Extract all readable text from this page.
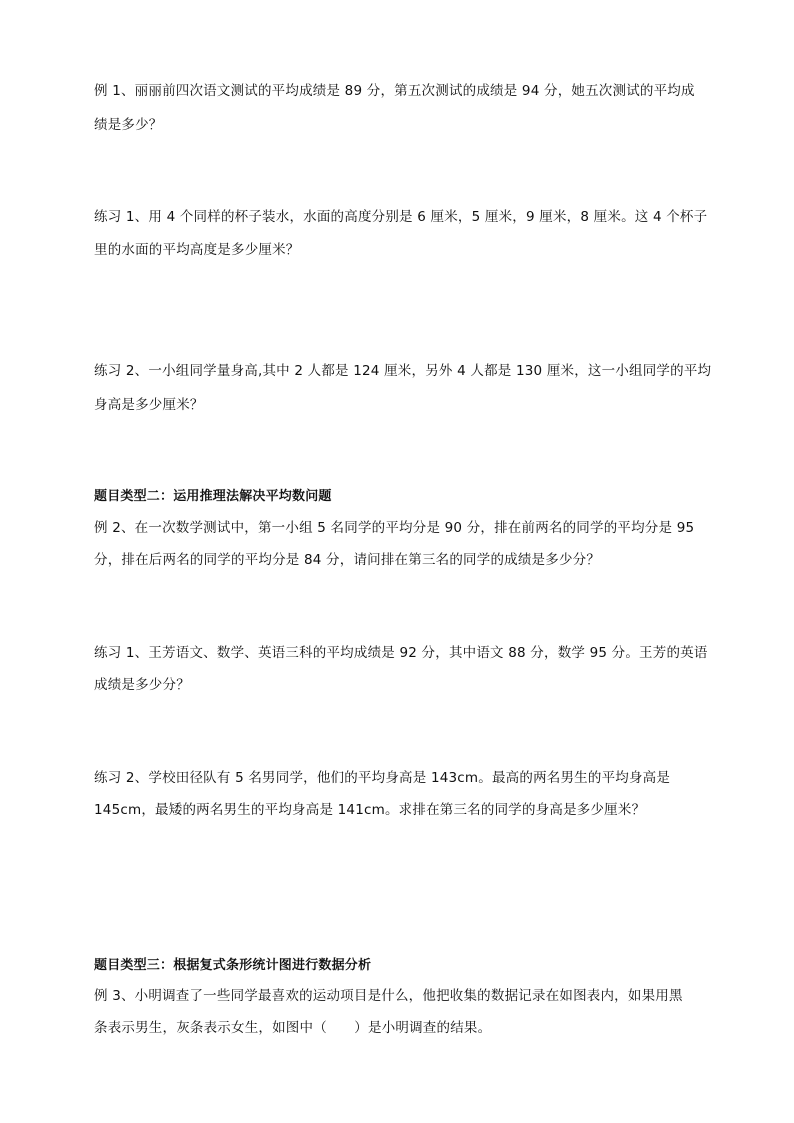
例 1、丽丽前四次语文测试的平均成绩是 89 分，第五次测试的成绩是 94 分，她五次测试的平均成
绩是多少？
练习 1、用 4 个同样的杯子装水，水面的高度分别是 6 厘米，5 厘米，9 厘米，8 厘米。这 4 个杯子
里的水面的平均高度是多少厘米？
练习 2、一小组同学量身高,其中 2 人都是 124 厘米，另外 4 人都是 130 厘米，这一小组同学的平均
身高是多少厘米？
题目类型二：运用推理法解决平均数问题
例 2、在一次数学测试中，第一小组 5 名同学的平均分是 90 分，排在前两名的同学的平均分是 95
分，排在后两名的同学的平均分是 84 分，请问排在第三名的同学的成绩是多少分？
练习 1、王芳语文、数学、英语三科的平均成绩是 92 分，其中语文 88 分，数学 95 分。王芳的英语
成绩是多少分？
练习 2、学校田径队有 5 名男同学，他们的平均身高是 143cm。最高的两名男生的平均身高是
145cm，最矮的两名男生的平均身高是 141cm。求排在第三名的同学的身高是多少厘米？
题目类型三：根据复式条形统计图进行数据分析
例 3、小明调查了一些同学最喜欢的运动项目是什么，他把收集的数据记录在如图表内，如果用黑
条表示男生，灰条表示女生，如图中（　　）是小明调查的结果。
